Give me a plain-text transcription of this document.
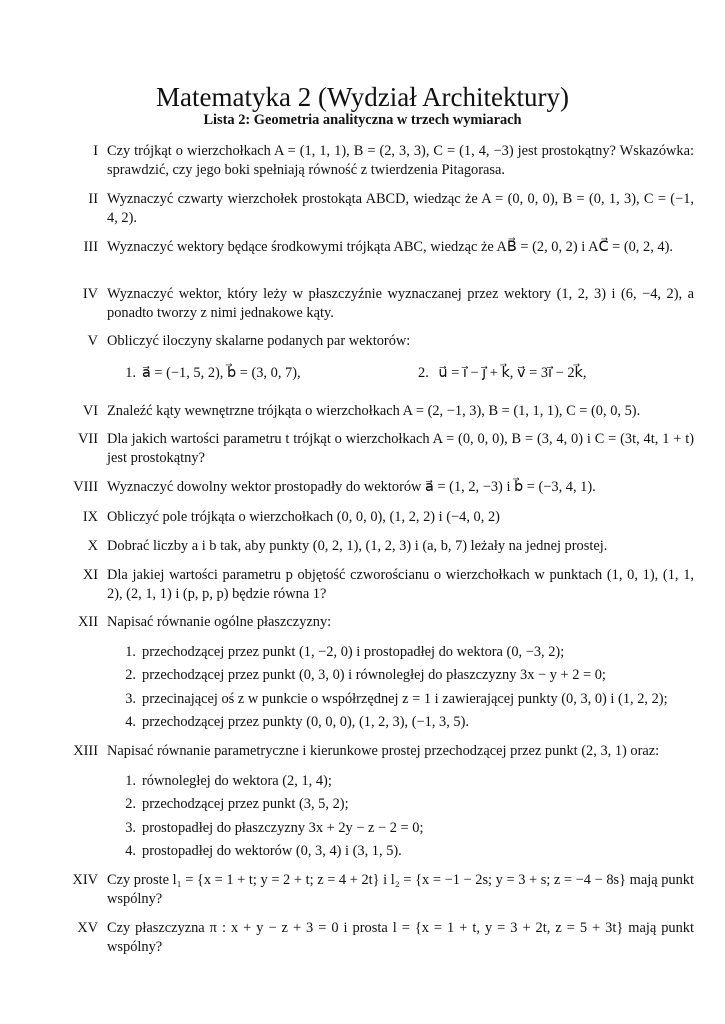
Matematyka 2 (Wydział Architektury)
Lista 2: Geometria analityczna w trzech wymiarach
I Czy trójkąt o wierzchołkach A = (1, 1, 1), B = (2, 3, 3), C = (1, 4, −3) jest prostokątny? Wskazówka: sprawdzić, czy jego boki spełniają równość z twierdzenia Pitagorasa.
II Wyznaczyć czwarty wierzchołek prostokąta ABCD, wiedząc że A = (0, 0, 0), B = (0, 1, 3), C = (−1, 4, 2).
III Wyznaczyć wektory będące środkowymi trójkąta ABC, wiedząc że AB⃗ = (2, 0, 2) i AC⃗ = (0, 2, 4).
IV Wyznaczyć wektor, który leży w płaszczyźnie wyznaczanej przez wektory (1, 2, 3) i (6, −4, 2), a ponadto tworzy z nimi jednakowe kąty.
V Obliczyć iloczyny skalarne podanych par wektorów:
1. a⃗ = (−1, 5, 2), b⃗ = (3, 0, 7),	2. u⃗ = i⃗ − j⃗ + k⃗, v⃗ = 3i⃗ − 2k⃗,
VI Znaleźć kąty wewnętrzne trójkąta o wierzchołkach A = (2, −1, 3), B = (1, 1, 1), C = (0, 0, 5).
VII Dla jakich wartości parametru t trójkąt o wierzchołkach A = (0, 0, 0), B = (3, 4, 0) i C = (3t, 4t, 1 + t) jest prostokątny?
VIII Wyznaczyć dowolny wektor prostopadły do wektorów a⃗ = (1, 2, −3) i b⃗ = (−3, 4, 1).
IX Obliczyć pole trójkąta o wierzchołkach (0, 0, 0), (1, 2, 2) i (−4, 0, 2)
X Dobrać liczby a i b tak, aby punkty (0, 2, 1), (1, 2, 3) i (a, b, 7) leżały na jednej prostej.
XI Dla jakiej wartości parametru p objętość czworościanu o wierzchołkach w punktach (1, 0, 1), (1, 1, 2), (2, 1, 1) i (p, p, p) będzie równa 1?
XII Napisać równanie ogólne płaszczyzny:
1. przechodzącej przez punkt (1, −2, 0) i prostopadłej do wektora (0, −3, 2);
2. przechodzącej przez punkt (0, 3, 0) i równoległej do płaszczyzny 3x − y + 2 = 0;
3. przecinającej oś z w punkcie o współrzędnej z = 1 i zawierającej punkty (0, 3, 0) i (1, 2, 2);
4. przechodzącej przez punkty (0, 0, 0), (1, 2, 3), (−1, 3, 5).
XIII Napisać równanie parametryczne i kierunkowe prostej przechodzącej przez punkt (2, 3, 1) oraz:
1. równoległej do wektora (2, 1, 4);
2. przechodzącej przez punkt (3, 5, 2);
3. prostopadłej do płaszczyzny 3x + 2y − z − 2 = 0;
4. prostopadłej do wektorów (0, 3, 4) i (3, 1, 5).
XIV Czy proste l₁ = {x = 1 + t; y = 2 + t; z = 4 + 2t} i l₂ = {x = −1 − 2s; y = 3 + s; z = −4 − 8s} mają punkt wspólny?
XV Czy płaszczyzna π : x + y − z + 3 = 0 i prosta l = {x = 1 + t, y = 3 + 2t, z = 5 + 3t} mają punkt wspólny?
